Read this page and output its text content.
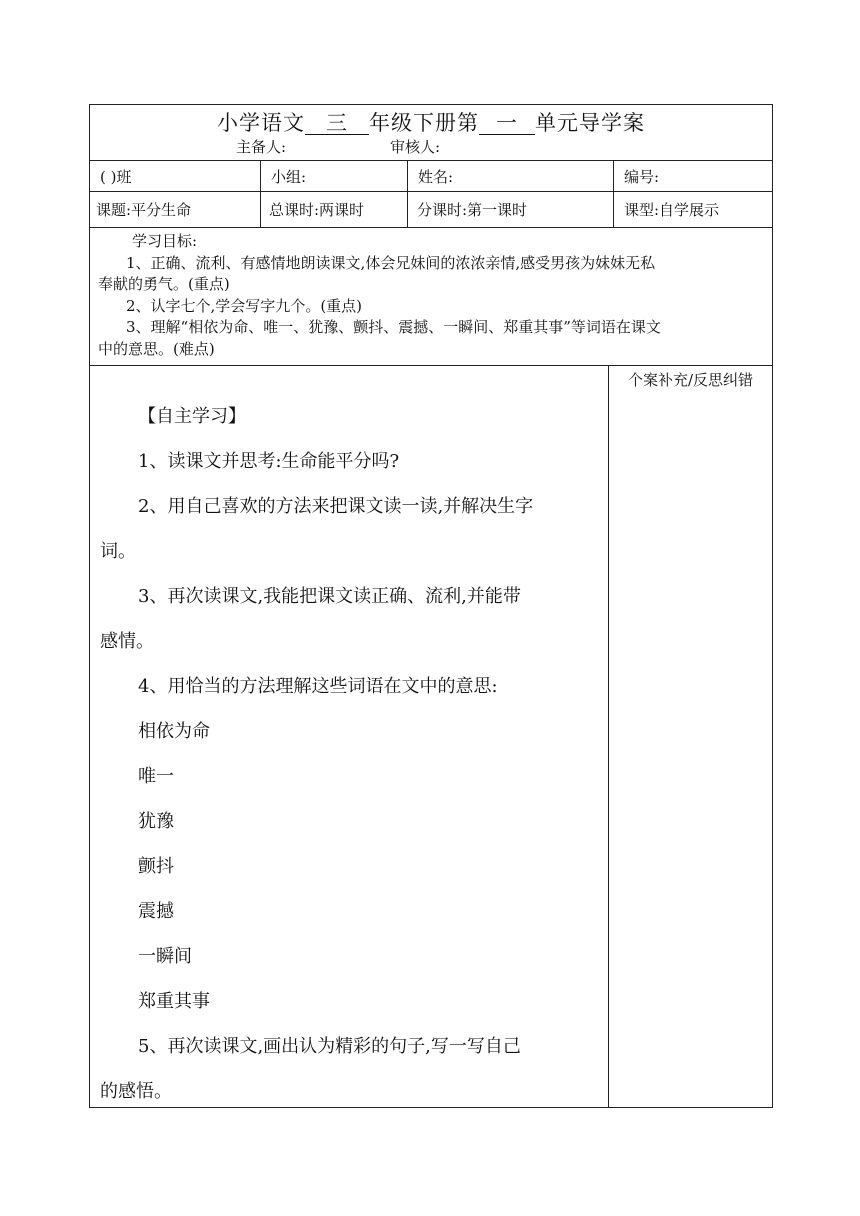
小学语文 三 年级下册第 一 单元导学案
主备人:	审核人:
( )班	小组:	姓名:	编号:
课题:平分生命	总课时:两课时	分课时:第一课时	课型:自学展示

学习目标:

1、正确、流利、有感情地朗读课文,体会兄妹间的浓浓亲情,感受男孩为妹妹无私

奉献的勇气。(重点)

2、认字七个,学会写字九个。(重点)

3、理解“相依为命、唯一、犹豫、颤抖、震撼、一瞬间、郑重其事”等词语在课文

中的意思。(难点)

【自主学习】
1、读课文并思考:生命能平分吗?
2、用自己喜欢的方法来把课文读一读,并解决生字
词。
3、再次读课文,我能把课文读正确、流利,并能带
感情。
4、用恰当的方法理解这些词语在文中的意思:
相依为命
唯一
犹豫
颤抖
震撼
一瞬间
郑重其事
5、再次读课文,画出认为精彩的句子,写一写自己
的感悟。
个案补充/反思纠错
